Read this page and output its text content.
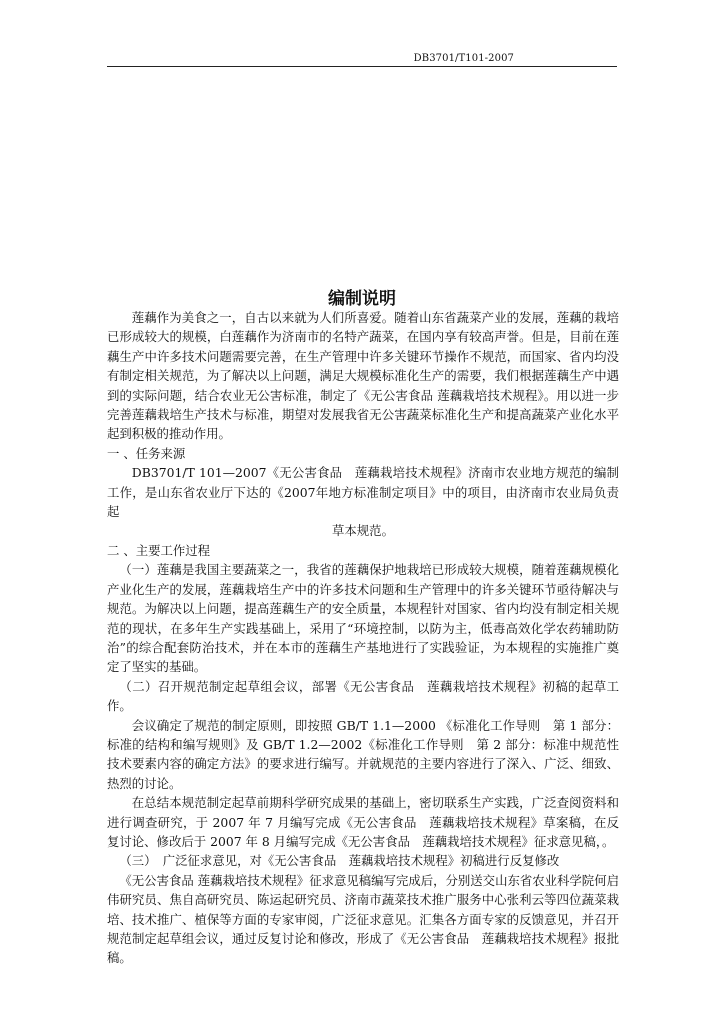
DB3701/T101-2007
编制说明

莲藕作为美食之一，自古以来就为人们所喜爱。随着山东省蔬菜产业的发展，莲藕的栽培已形成较大的规模，白莲藕作为济南市的名特产蔬菜，在国内享有较高声誉。但是，目前在莲藕生产中许多技术问题需要完善，在生产管理中许多关键环节操作不规范，而国家、省内均没有制定相关规范，为了解决以上问题，满足大规模标准化生产的需要，我们根据莲藕生产中遇到的实际问题，结合农业无公害标准，制定了《无公害食品 莲藕栽培技术规程》。用以进一步完善莲藕栽培生产技术与标准，期望对发展我省无公害蔬菜标准化生产和提高蔬菜产业化水平起到积极的推动作用。

一 、任务来源

DB3701/T 101—2007《无公害食品　莲藕栽培技术规程》济南市农业地方规范的编制工作，是山东省农业厅下达的《2007年地方标准制定项目》中的项目，由济南市农业局负责起

草本规范。

二 、主要工作过程

（一）莲藕是我国主要蔬菜之一，我省的莲藕保护地栽培已形成较大规模，随着莲藕规模化产业化生产的发展，莲藕栽培生产中的许多技术问题和生产管理中的许多关键环节亟待解决与规范。为解决以上问题，提高莲藕生产的安全质量，本规程针对国家、省内均没有制定相关规范的现状，在多年生产实践基础上，采用了“环境控制，以防为主，低毒高效化学农药辅助防治”的综合配套防治技术，并在本市的莲藕生产基地进行了实践验证，为本规程的实施推广奠定了坚实的基础。

（二）召开规范制定起草组会议，部署《无公害食品　莲藕栽培技术规程》初稿的起草工作。

会议确定了规范的制定原则，即按照 GB/T 1.1—2000 《标准化工作导则　第 1 部分：标准的结构和编写规则》及 GB/T 1.2—2002《标准化工作导则　第 2 部分：标准中规范性技术要素内容的确定方法》的要求进行编写。并就规范的主要内容进行了深入、广泛、细致、热烈的讨论。

在总结本规范制定起草前期科学研究成果的基础上，密切联系生产实践，广泛查阅资料和进行调查研究，于 2007 年 7 月编写完成《无公害食品　莲藕栽培技术规程》草案稿，在反复讨论、修改后于 2007 年 8 月编写完成《无公害食品　莲藕栽培技术规程》征求意见稿，。

（三）　广泛征求意见，对《无公害食品　莲藕栽培技术规程》初稿进行反复修改

《无公害食品 莲藕栽培技术规程》征求意见稿编写完成后，分别送交山东省农业科学院何启伟研究员、焦自高研究员、陈运起研究员、济南市蔬菜技术推广服务中心张利云等四位蔬菜栽培、技术推广、植保等方面的专家审阅，广泛征求意见。汇集各方面专家的反馈意见，并召开规范制定起草组会议，通过反复讨论和修改，形成了《无公害食品　莲藕栽培技术规程》报批稿。
